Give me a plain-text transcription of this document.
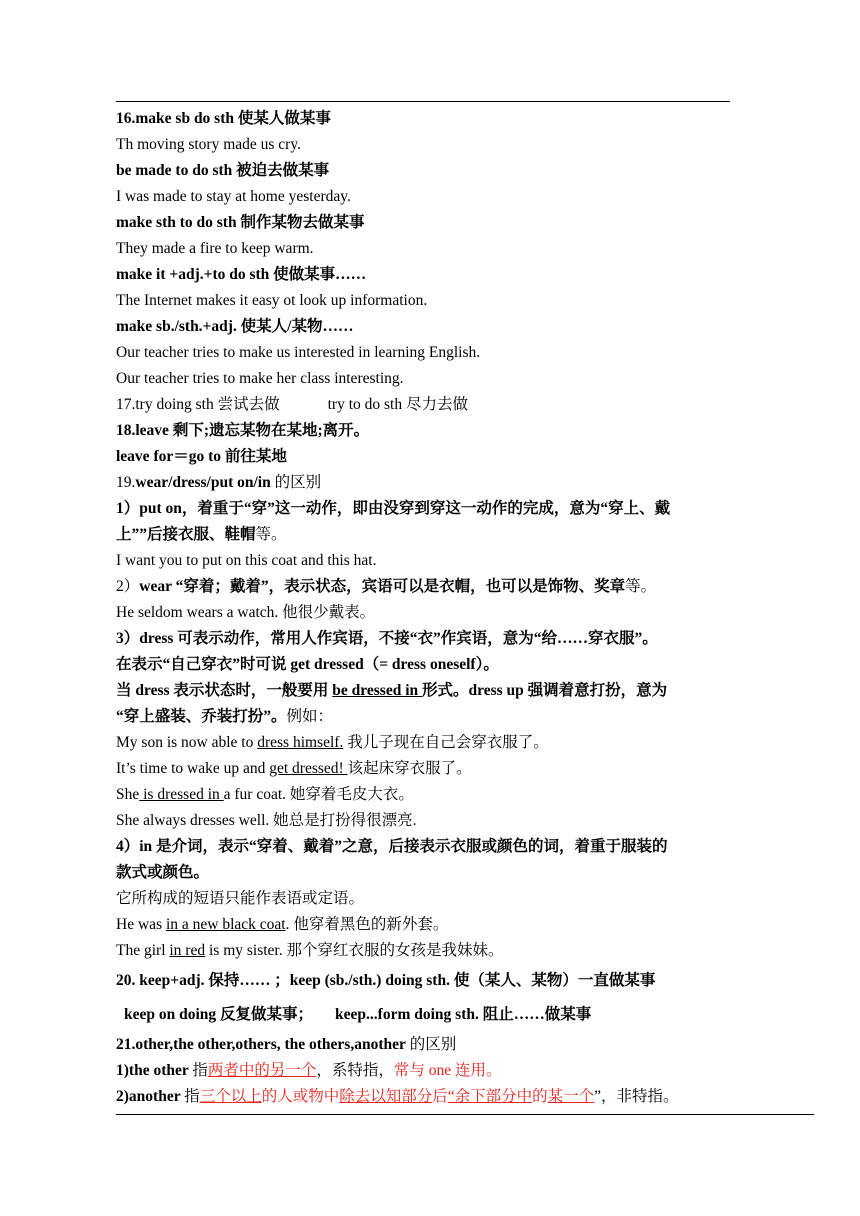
16.make sb do sth 使某人做某事
Th moving story made us cry.
be made to do sth 被迫去做某事
I was made to stay at home yesterday.
make sth to do sth 制作某物去做某事
They made a fire to keep warm.
make it +adj.+to do sth 使做某事……
The Internet makes it easy ot look up information.
make sb./sth.+adj. 使某人/某物……
Our teacher tries to make us interested in learning English.
Our teacher tries to make her class interesting.
17.try doing sth 尝试去做	try to do sth 尽力去做
18.leave 剩下;遗忘某物在某地;离开。
leave for＝go to 前往某地
19.wear/dress/put on/in 的区别
1）put on，着重于“穿”这一动作，即由没穿到穿这一动作的完成，意为“穿上、戴
上””后接衣服、鞋帽等。
I want you to put on this coat and this hat.
2）wear “穿着；戴着”，表示状态，宾语可以是衣帽，也可以是饰物、奖章等。
He seldom wears a watch. 他很少戴表。
3）dress 可表示动作，常用人作宾语，不接“衣”作宾语，意为“给……穿衣服”。
在表示“自己穿衣”时可说 get dressed（= dress oneself）。
当 dress 表示状态时，一般要用 be dressed in 形式。dress up 强调着意打扮，意为
“穿上盛装、乔装打扮”。例如：
My son is now able to dress himself. 我儿子现在自己会穿衣服了。
It’s time to wake up and get dressed! 该起床穿衣服了。
She is dressed in a fur coat. 她穿着毛皮大衣。
She always dresses well. 她总是打扮得很漂亮.
4）in 是介词，表示“穿着、戴着”之意，后接表示衣服或颜色的词，着重于服装的
款式或颜色。
它所构成的短语只能作表语或定语。
He was in a new black coat. 他穿着黑色的新外套。
The girl in red is my sister. 那个穿红衣服的女孩是我妹妹。
20. keep+adj. 保持…… ；keep (sb./sth.) doing sth. 使（某人、某物）一直做某事
keep on doing 反复做某事； keep...form doing sth. 阻止……做某事
21.other,the other,others, the others,another 的区别
1)the other 指两者中的另一个，系特指，常与 one 连用。
2)another 指三个以上的人或物中除去以知部分后“余下部分中的某一个”，非特指。
